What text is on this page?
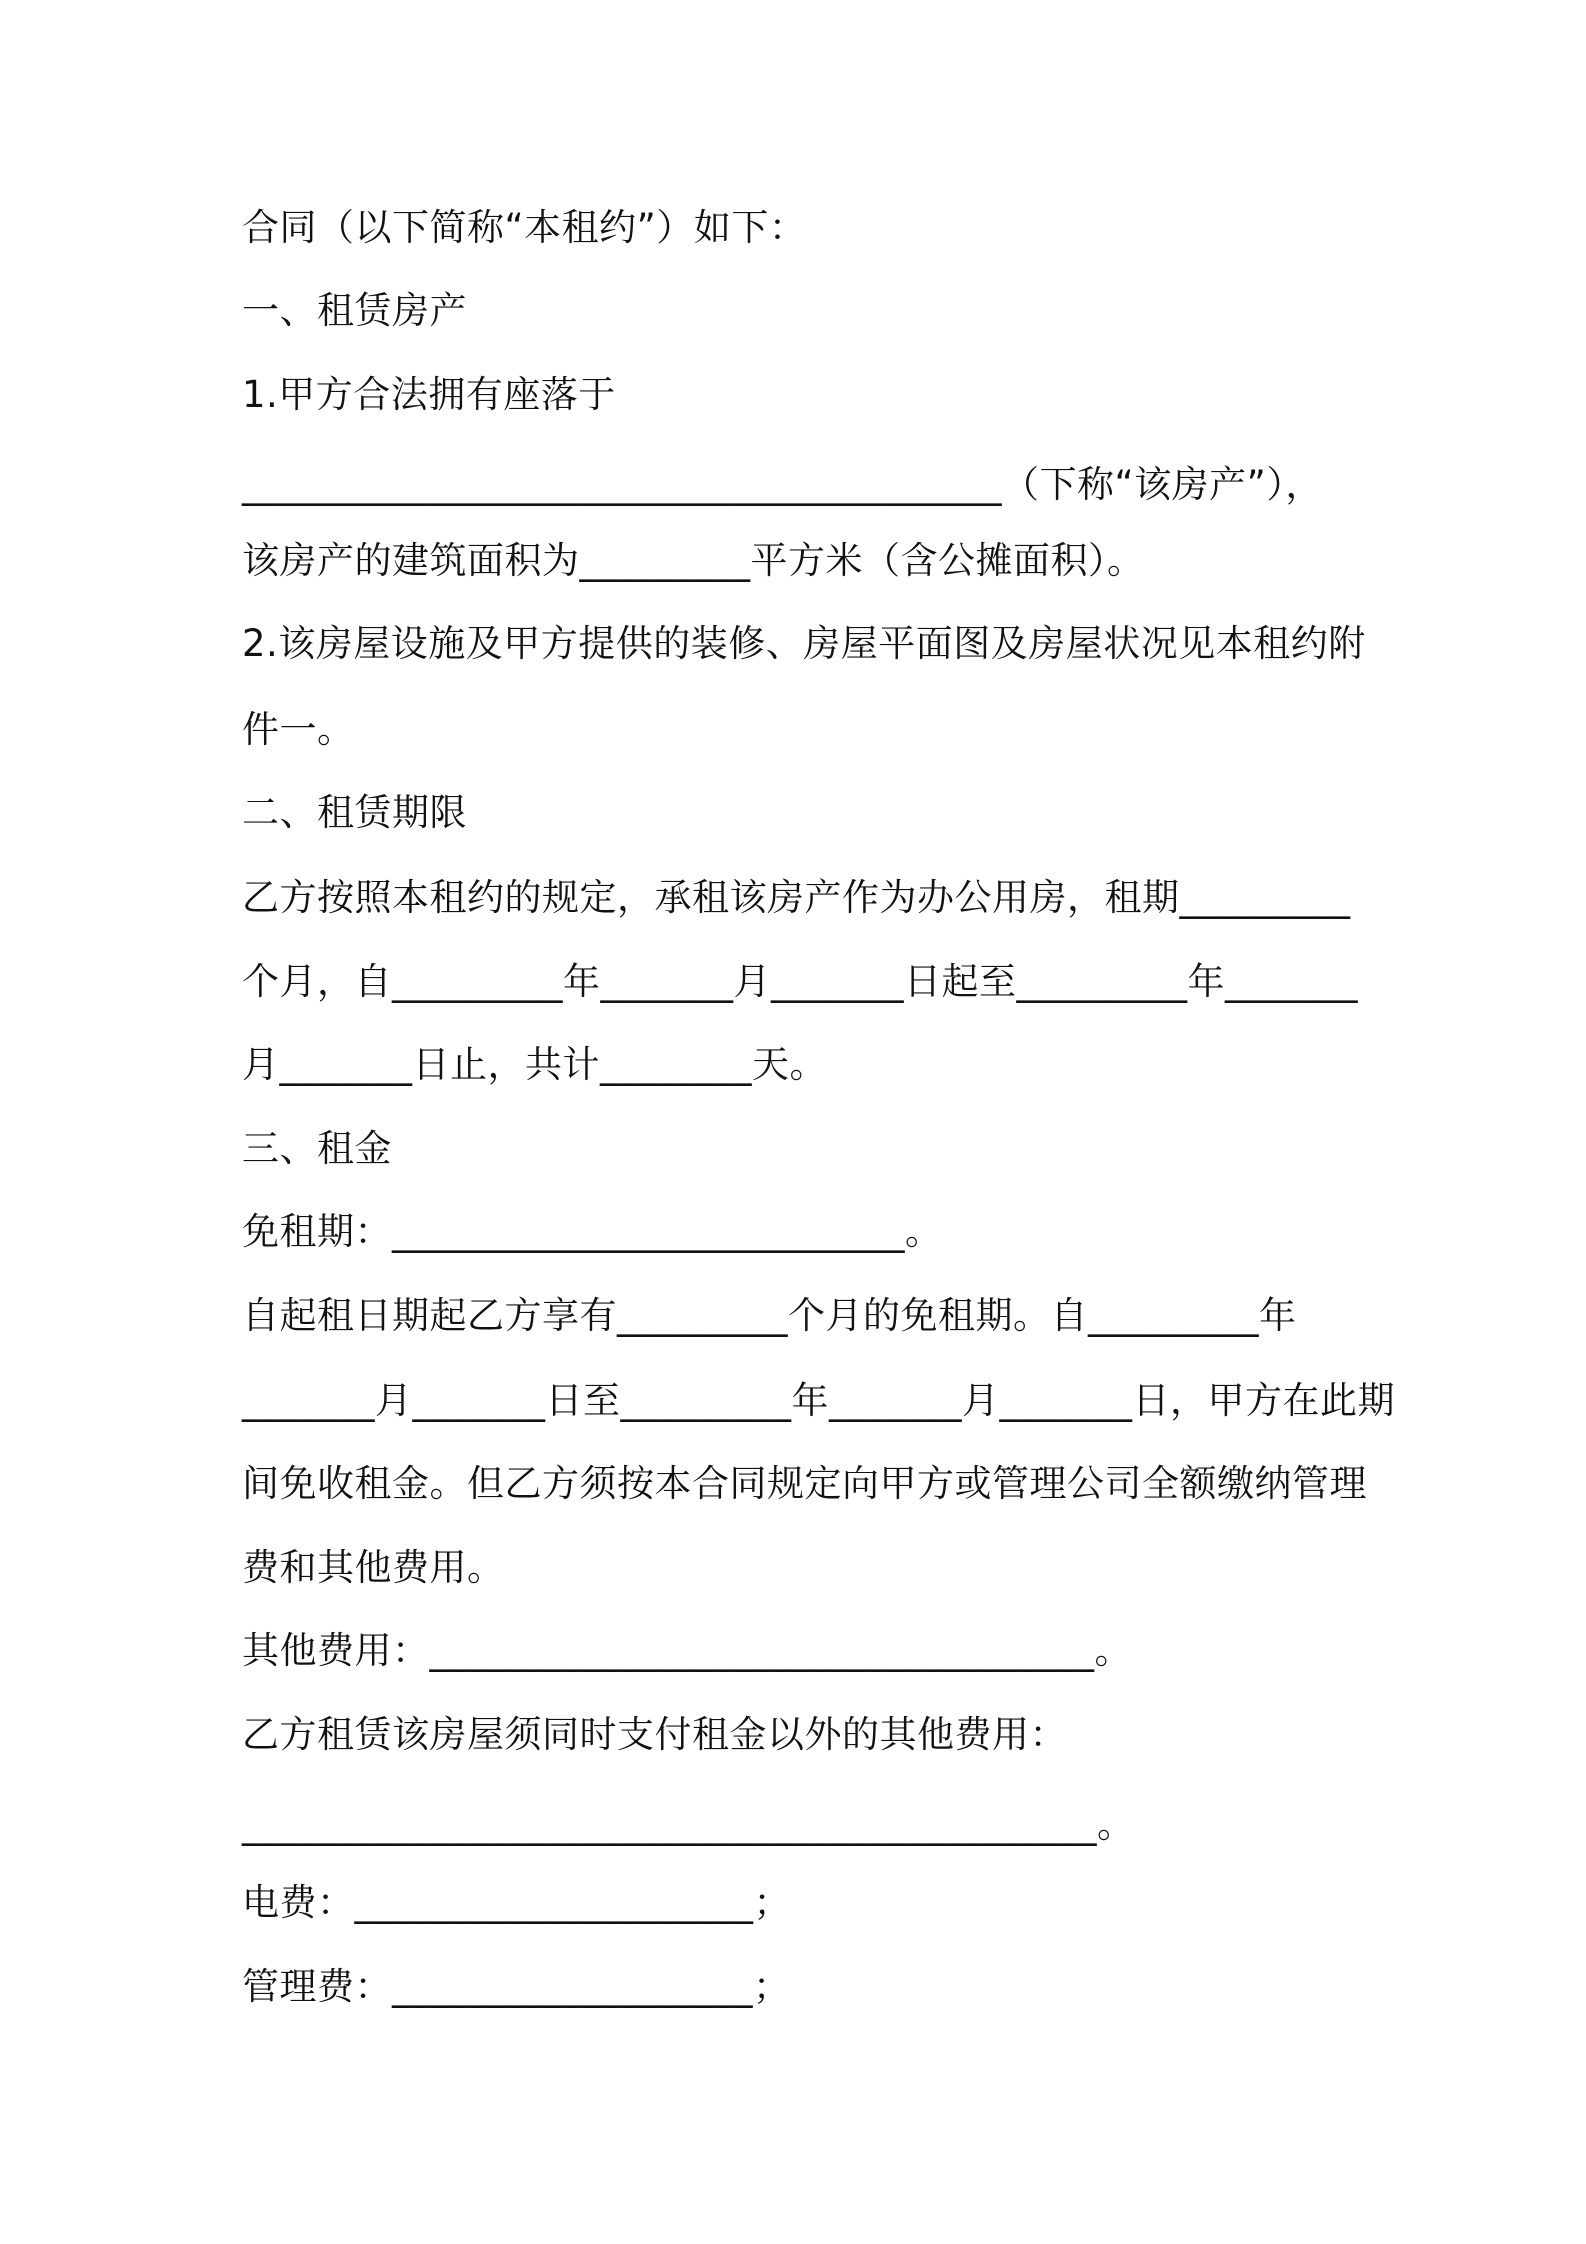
合同（以下简称“本租约”）如下：
一、租赁房产
1.甲方合法拥有座落于
________________________________________（下称“该房产”），
该房产的建筑面积为_________平方米（含公摊面积）。
2.该房屋设施及甲方提供的装修、房屋平面图及房屋状况见本租约附
件一。
二、租赁期限
乙方按照本租约的规定，承租该房产作为办公用房，租期_________
个月，自_________年_______月_______日起至_________年_______
月_______日止，共计________天。
三、租金
免租期：___________________________。
自起租日期起乙方享有_________个月的免租期。自_________年
_______月_______日至_________年_______月_______日，甲方在此期
间免收租金。但乙方须按本合同规定向甲方或管理公司全额缴纳管理
费和其他费用。
其他费用：___________________________________。
乙方租赁该房屋须同时支付租金以外的其他费用：
_____________________________________________。
电费：_____________________；
管理费：___________________；
